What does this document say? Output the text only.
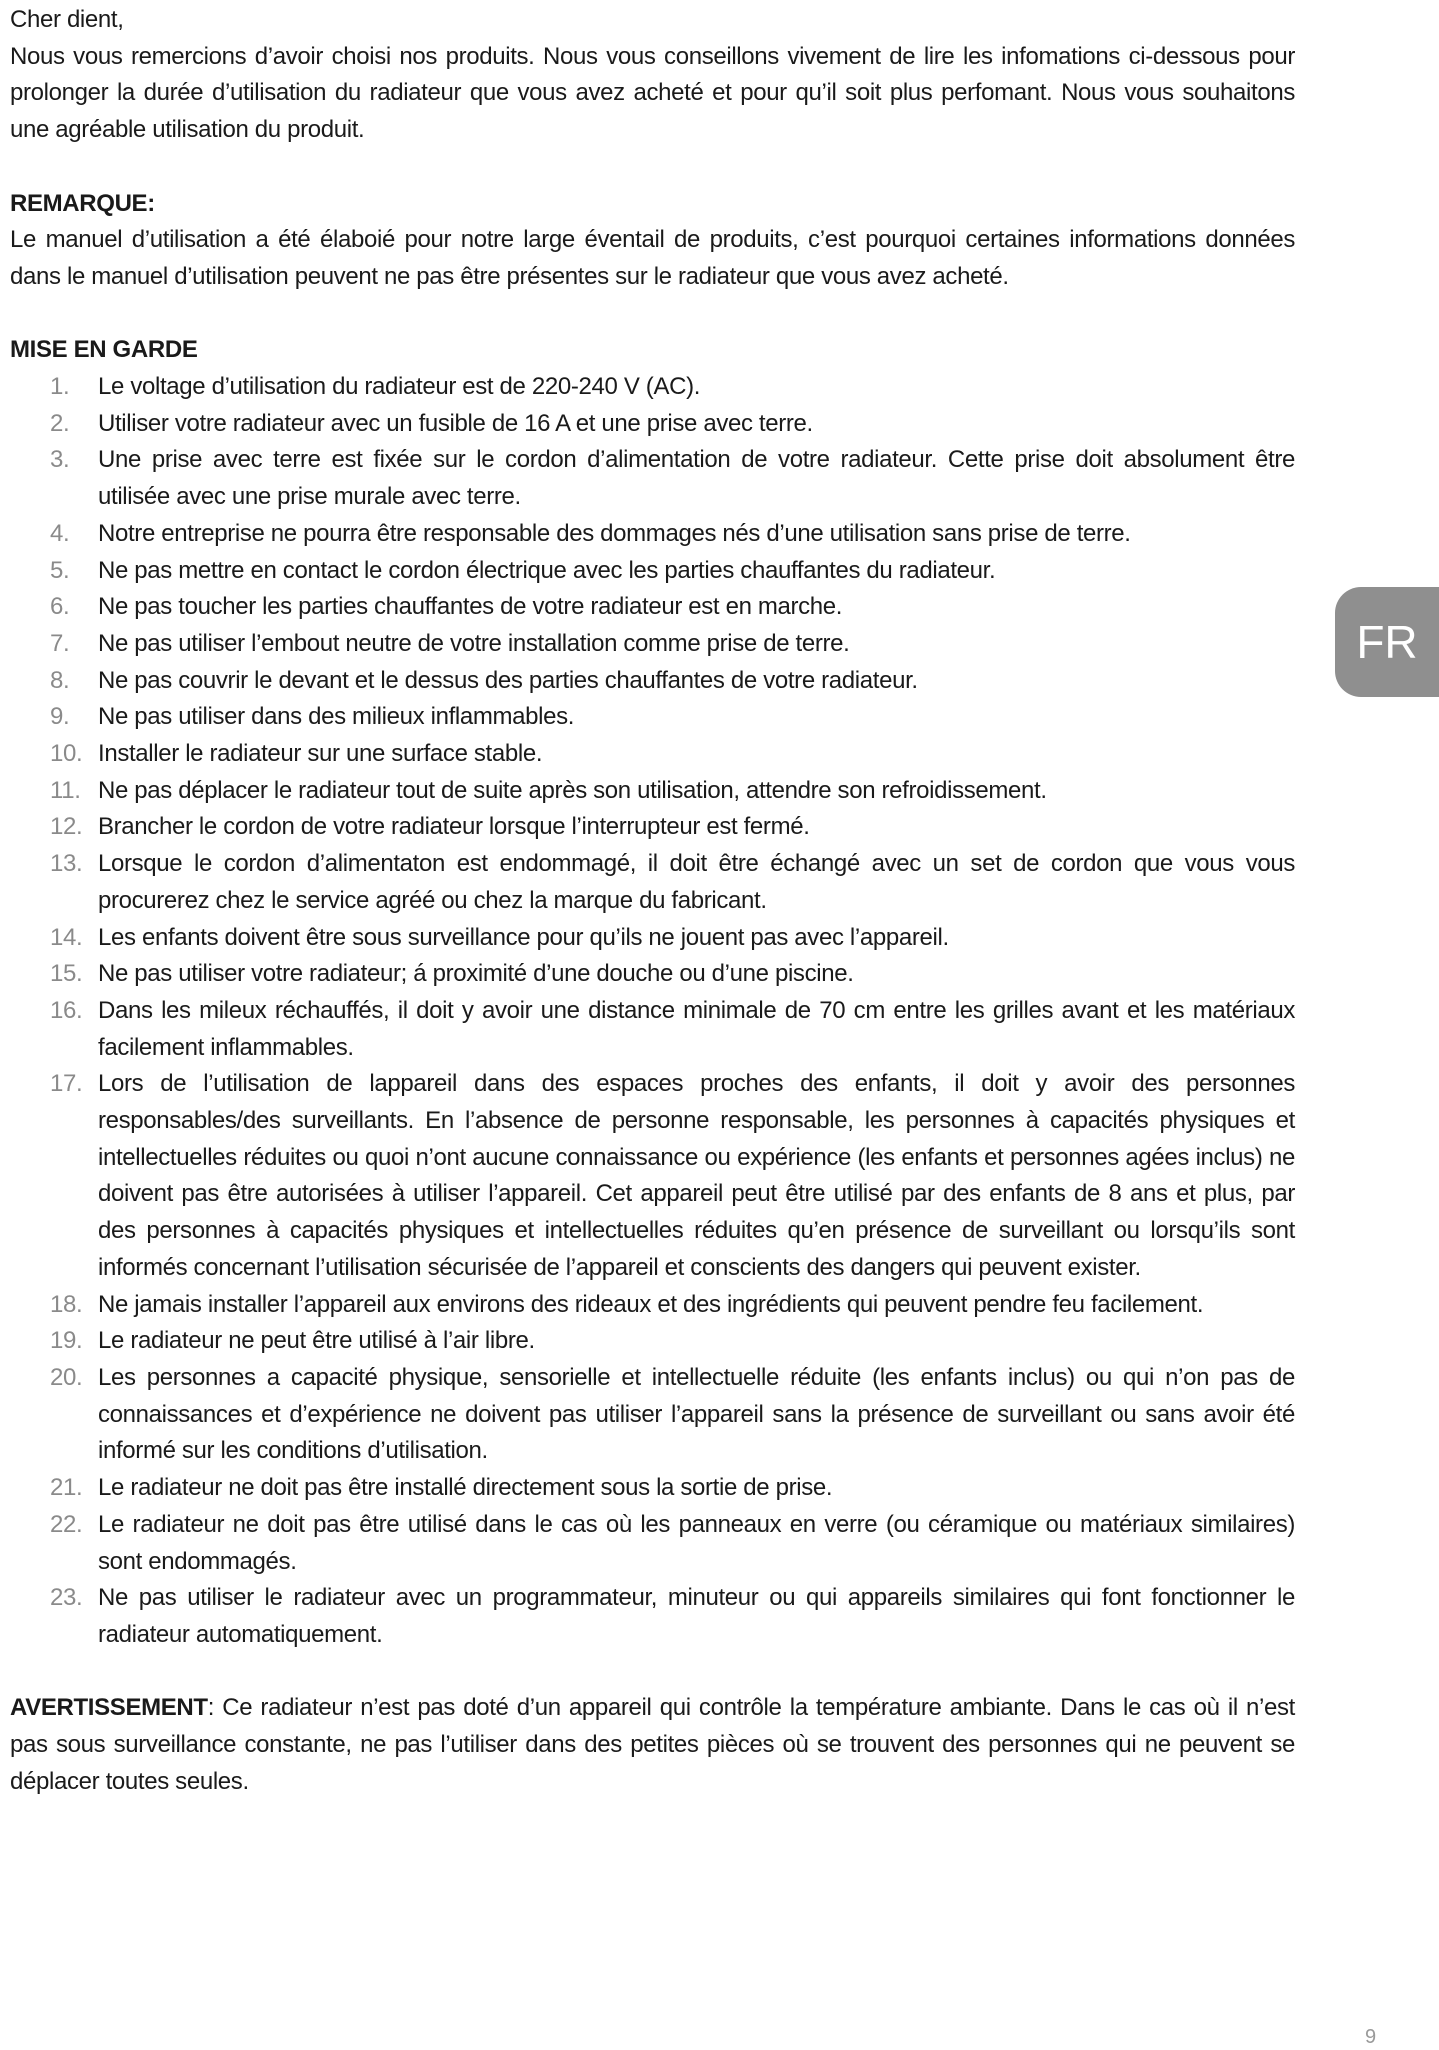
Cher dient,

Nous vous remercions d’avoir choisi nos produits. Nous vous conseillons vivement de lire les infomations ci-dessous pour prolonger la durée d’utilisation du radiateur que vous avez acheté et pour qu’il soit plus perfomant. Nous vous souhaitons une agréable utilisation du produit.

REMARQUE:

Le manuel d’utilisation a été élaboié pour notre large éventail de produits, c’est pourquoi certaines informations données dans le manuel d’utilisation peuvent ne pas être présentes sur le radiateur que vous avez acheté.

MISE EN GARDE
1. Le voltage d’utilisation du radiateur est de 220-240 V (AC).
2. Utiliser votre radiateur avec un fusible de 16 A et une prise avec terre.
3. Une prise avec terre est fixée sur le cordon d’alimentation de votre radiateur. Cette prise doit absolument être utilisée avec une prise murale avec terre.
4. Notre entreprise ne pourra être responsable des dommages nés d’une utilisation sans prise de terre.
5. Ne pas mettre en contact le cordon électrique avec les parties chauffantes du radiateur.
6. Ne pas toucher les parties chauffantes de votre radiateur est en marche.
7. Ne pas utiliser l’embout neutre de votre installation comme prise de terre.
8. Ne pas couvrir le devant et le dessus des parties chauffantes de votre radiateur.
9. Ne pas utiliser dans des milieux inflammables.
10. Installer le radiateur sur une surface stable.
11. Ne pas déplacer le radiateur tout de suite après son utilisation, attendre son refroidissement.
12. Brancher le cordon de votre radiateur lorsque l’interrupteur est fermé.
13. Lorsque le cordon d’alimentaton est endommagé, il doit être échangé avec un set de cordon que vous vous procurerez chez le service agréé ou chez la marque du fabricant.
14. Les enfants doivent être sous surveillance pour qu’ils ne jouent pas avec l’appareil.
15. Ne pas utiliser votre radiateur; á proximité d’une douche ou d’une piscine.
16. Dans les mileux réchauffés, il doit y avoir une distance minimale de 70 cm entre les grilles avant et les matériaux facilement inflammables.
17. Lors de l’utilisation de lappareil dans des espaces proches des enfants, il doit y avoir des personnes responsables/des surveillants. En l’absence de personne responsable, les personnes à capacités physiques et intellectuelles réduites ou quoi n’ont aucune connaissance ou expérience (les enfants et personnes agées inclus) ne doivent pas être autorisées à utiliser l’appareil. Cet appareil peut être utilisé par des enfants de 8 ans et plus, par des personnes à capacités physiques et intellectuelles réduites qu’en présence de surveillant ou lorsqu’ils sont informés concernant l’utilisation sécurisée de l’appareil et conscients des dangers qui peuvent exister.
18. Ne jamais installer l’appareil aux environs des rideaux et des ingrédients qui peuvent pendre feu facilement.
19. Le radiateur ne peut être utilisé à l’air libre.
20. Les personnes a capacité physique, sensorielle et intellectuelle réduite (les enfants inclus) ou qui n’on pas de connaissances et d’expérience ne doivent pas utiliser l’appareil sans la présence de surveillant ou sans avoir été informé sur les conditions d’utilisation.
21. Le radiateur ne doit pas être installé directement sous la sortie de prise.
22. Le radiateur ne doit pas être utilisé dans le cas où les panneaux en verre (ou céramique ou matériaux similaires) sont endommagés.
23. Ne pas utiliser le radiateur avec un programmateur, minuteur ou qui appareils similaires qui font fonctionner le radiateur automatiquement.

AVERTISSEMENT: Ce radiateur n’est pas doté d’un appareil qui contrôle la température ambiante. Dans le cas où il n’est pas sous surveillance constante, ne pas l’utiliser dans des petites pièces où se trouvent des personnes qui ne peuvent se déplacer toutes seules.

FR
9
